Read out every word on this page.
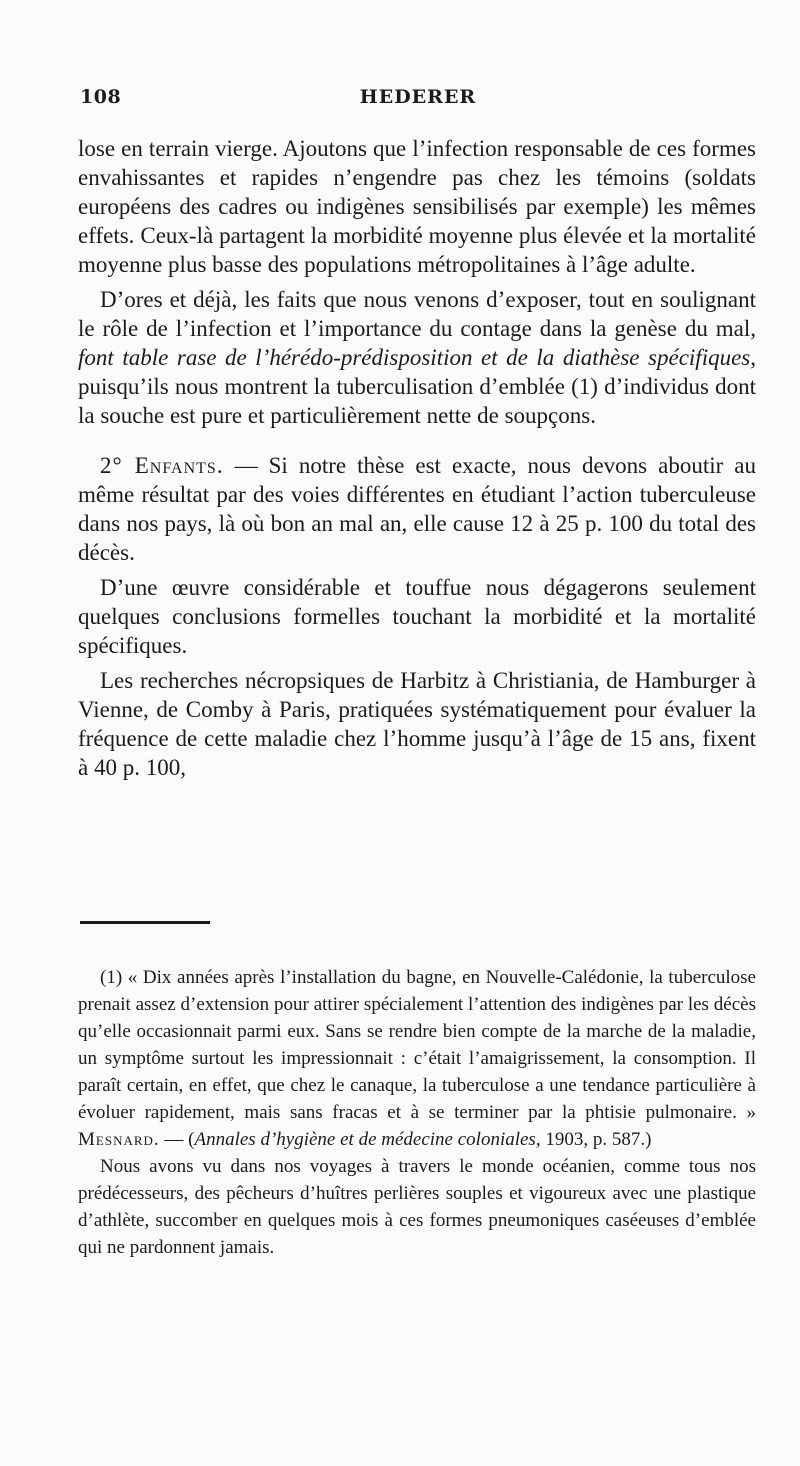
108	HEDERER

lose en terrain vierge. Ajoutons que l’infection responsable de ces formes envahissantes et rapides n’engendre pas chez les témoins (soldats européens des cadres ou indigènes sensibilisés par exemple) les mêmes effets. Ceux-là partagent la morbidité moyenne plus élevée et la mortalité moyenne plus basse des populations métropolitaines à l’âge adulte.

D’ores et déjà, les faits que nous venons d’exposer, tout en soulignant le rôle de l’infection et l’importance du contage dans la genèse du mal, font table rase de l’hérédo-prédisposition et de la diathèse spécifiques, puisqu’ils nous montrent la tuberculisation d’emblée (1) d’individus dont la souche est pure et particulièrement nette de soupçons.

2° Enfants. — Si notre thèse est exacte, nous devons aboutir au même résultat par des voies différentes en étudiant l’action tuberculeuse dans nos pays, là où bon an mal an, elle cause 12 à 25 p. 100 du total des décès.

D’une œuvre considérable et touffue nous dégagerons seulement quelques conclusions formelles touchant la morbidité et la mortalité spécifiques.

Les recherches nécropsiques de Harbitz à Christiania, de Hamburger à Vienne, de Comby à Paris, pratiquées systématiquement pour évaluer la fréquence de cette maladie chez l’homme jusqu’à l’âge de 15 ans, fixent à 40 p. 100,

(1) « Dix années après l’installation du bagne, en Nouvelle-Calédonie, la tuberculose prenait assez d’extension pour attirer spécialement l’attention des indigènes par les décès qu’elle occasionnait parmi eux. Sans se rendre bien compte de la marche de la maladie, un symptôme surtout les impressionnait : c’était l’amaigrissement, la consomption. Il paraît certain, en effet, que chez le canaque, la tuberculose a une tendance particulière à évoluer rapidement, mais sans fracas et à se terminer par la phtisie pulmonaire. » Mesnard. — (Annales d’hygiène et de médecine coloniales, 1903, p. 587.)

Nous avons vu dans nos voyages à travers le monde océanien, comme tous nos prédécesseurs, des pêcheurs d’huîtres perlières souples et vigoureux avec une plastique d’athlète, succomber en quelques mois à ces formes pneumoniques caséeuses d’emblée qui ne pardonnent jamais.
